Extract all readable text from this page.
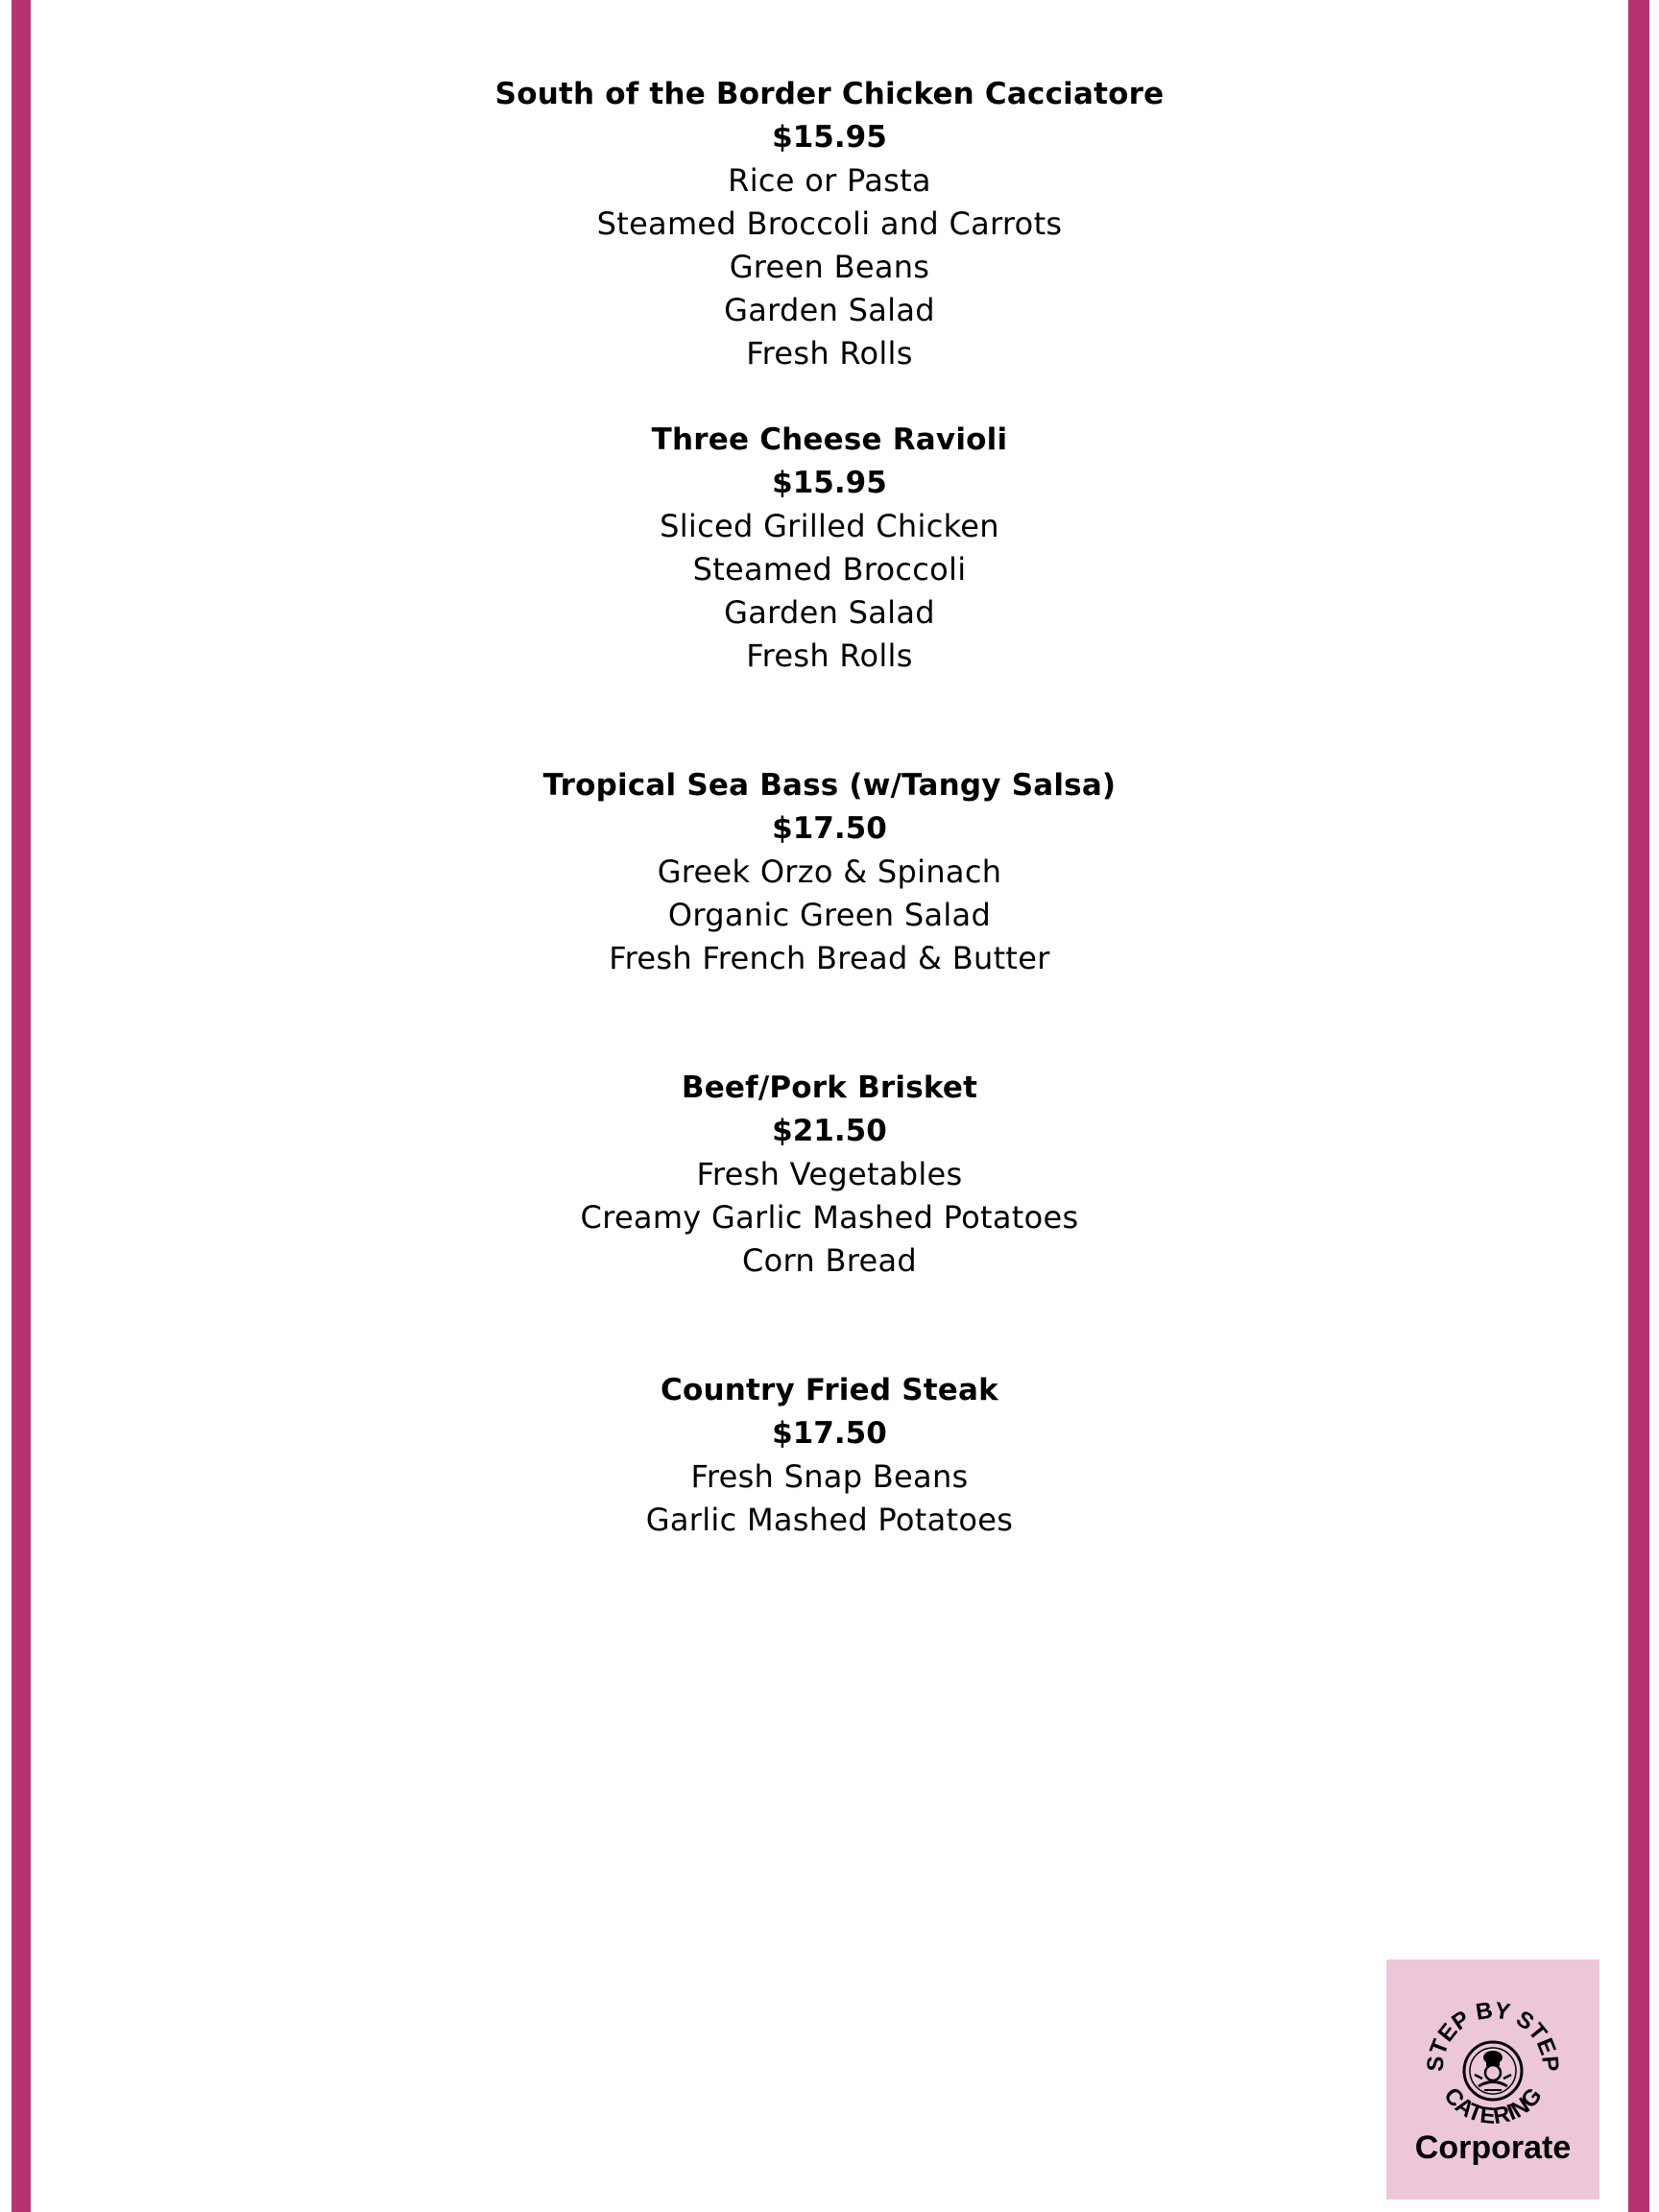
South of the Border Chicken Cacciatore
$15.95
Rice or Pasta
Steamed Broccoli and Carrots
Green Beans
Garden Salad
Fresh Rolls
Three Cheese Ravioli
$15.95
Sliced Grilled Chicken
Steamed Broccoli
Garden Salad
Fresh Rolls
Tropical Sea Bass (w/Tangy Salsa)
$17.50
Greek Orzo & Spinach
Organic Green Salad
Fresh French Bread & Butter
Beef/Pork Brisket
$21.50
Fresh Vegetables
Creamy Garlic Mashed Potatoes
Corn Bread
Country Fried Steak
$17.50
Fresh Snap Beans
Garlic Mashed Potatoes
STEP BY STEP
CATERING
Corporate
